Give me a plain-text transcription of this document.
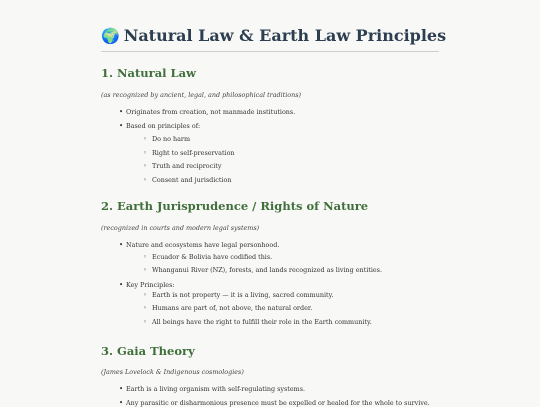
🌍 Natural Law & Earth Law Principles
1. Natural Law

(as recognized by ancient, legal, and philosophical traditions)

• Originates from creation, not manmade institutions.
• Based on principles of:
◦ Do no harm
◦ Right to self-preservation
◦ Truth and reciprocity
◦ Consent and jurisdiction
2. Earth Jurisprudence / Rights of Nature

(recognized in courts and modern legal systems)

• Nature and ecosystems have legal personhood.
◦ Ecuador & Bolivia have codified this.
◦ Whanganui River (NZ), forests, and lands recognized as living entities.
• Key Principles:
◦ Earth is not property — it is a living, sacred community.
◦ Humans are part of, not above, the natural order.
◦ All beings have the right to fulfill their role in the Earth community.
3. Gaia Theory

(James Lovelock & Indigenous cosmologies)

• Earth is a living organism with self-regulating systems.
• Any parasitic or disharmonious presence must be expelled or healed for the whole to survive.
